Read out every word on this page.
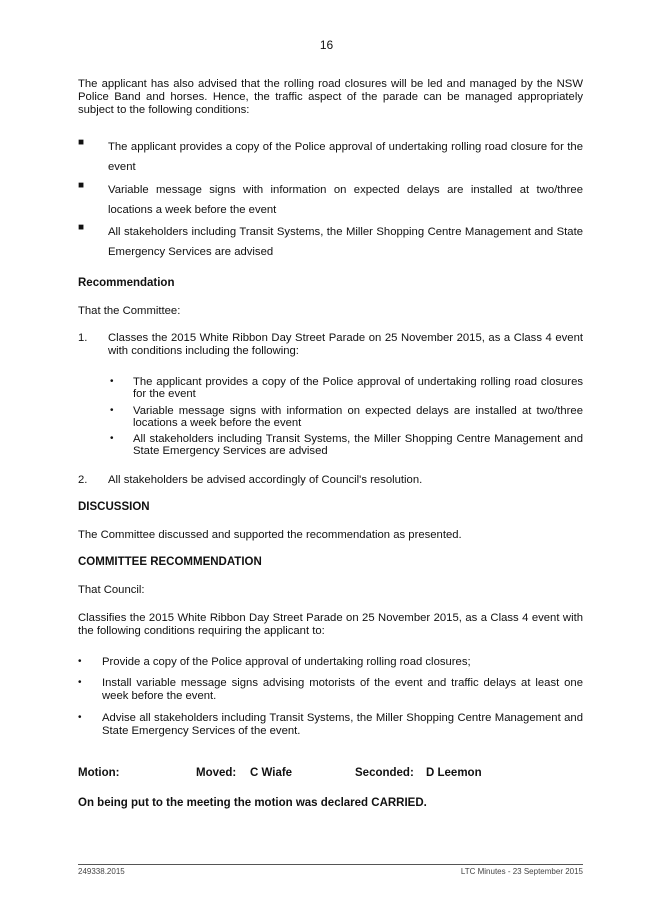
16
The applicant has also advised that the rolling road closures will be led and managed by the NSW Police Band and horses. Hence, the traffic aspect of the parade can be managed appropriately subject to the following conditions:
■ The applicant provides a copy of the Police approval of undertaking rolling road closure for the event
■ Variable message signs with information on expected delays are installed at two/three locations a week before the event
■ All stakeholders including Transit Systems, the Miller Shopping Centre Management and State Emergency Services are advised
Recommendation
That the Committee:
1. Classes the 2015 White Ribbon Day Street Parade on 25 November 2015, as a Class 4 event with conditions including the following:
• The applicant provides a copy of the Police approval of undertaking rolling road closures for the event
• Variable message signs with information on expected delays are installed at two/three locations a week before the event
• All stakeholders including Transit Systems, the Miller Shopping Centre Management and State Emergency Services are advised
2. All stakeholders be advised accordingly of Council's resolution.
DISCUSSION
The Committee discussed and supported the recommendation as presented.
COMMITTEE RECOMMENDATION
That Council:
Classifies the 2015 White Ribbon Day Street Parade on 25 November 2015, as a Class 4 event with the following conditions requiring the applicant to:
• Provide a copy of the Police approval of undertaking rolling road closures;
• Install variable message signs advising motorists of the event and traffic delays at least one week before the event.
• Advise all stakeholders including Transit Systems, the Miller Shopping Centre Management and State Emergency Services of the event.
Motion:	Moved: C Wiafe	Seconded: D Leemon
On being put to the meeting the motion was declared CARRIED.
249338.2015	LTC Minutes - 23 September 2015
